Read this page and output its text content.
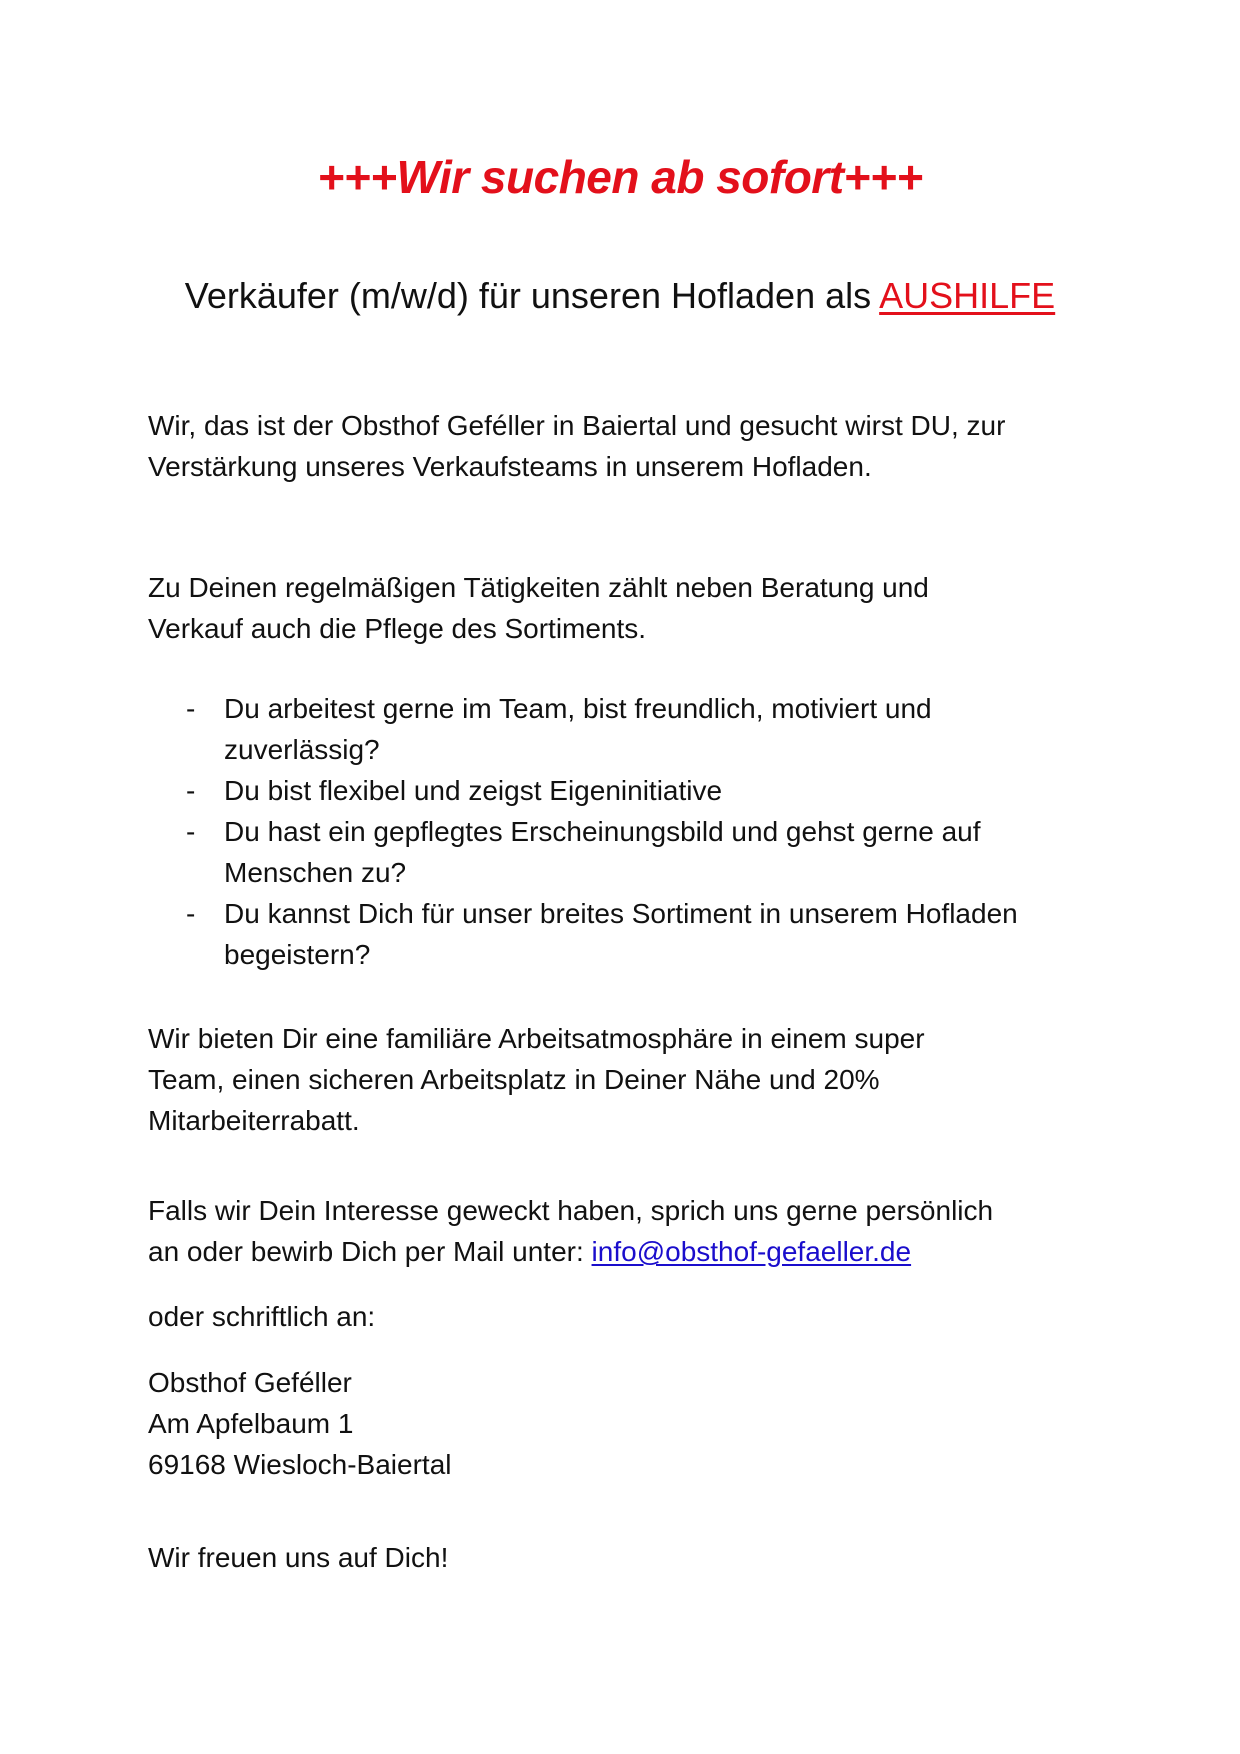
+++Wir suchen ab sofort+++
Verkäufer (m/w/d) für unseren Hofladen als AUSHILFE
Wir, das ist der Obsthof Geféller in Baiertal und gesucht wirst DU, zur
Verstärkung unseres Verkaufsteams in unserem Hofladen.
Zu Deinen regelmäßigen Tätigkeiten zählt neben Beratung und
Verkauf auch die Pflege des Sortiments.
- Du arbeitest gerne im Team, bist freundlich, motiviert und
zuverlässig?
- Du bist flexibel und zeigst Eigeninitiative
- Du hast ein gepflegtes Erscheinungsbild und gehst gerne auf
Menschen zu?
- Du kannst Dich für unser breites Sortiment in unserem Hofladen
begeistern?
Wir bieten Dir eine familiäre Arbeitsatmosphäre in einem super
Team, einen sicheren Arbeitsplatz in Deiner Nähe und 20%
Mitarbeiterrabatt.
Falls wir Dein Interesse geweckt haben, sprich uns gerne persönlich
an oder bewirb Dich per Mail unter: info@obsthof-gefaeller.de
oder schriftlich an:
Obsthof Geféller
Am Apfelbaum 1
69168 Wiesloch-Baiertal
Wir freuen uns auf Dich!
